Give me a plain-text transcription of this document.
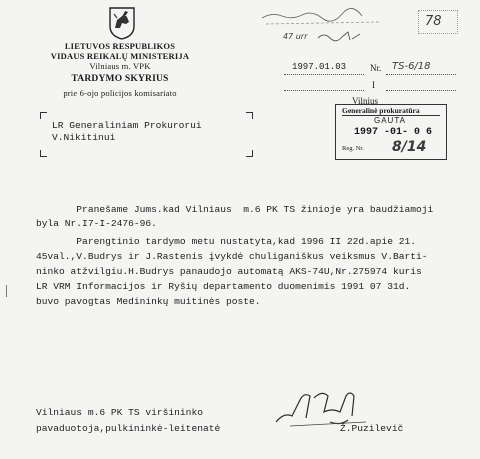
LIETUVOS RESPUBLIKOS
VIDAUS REIKALŲ MINISTERIJA
Vilniaus m. VPK
TARDYMO SKYRIUS
prie 6-ojo policijos komisariato
47 urr
78
1997.01.03	Nr. TS-6/18
I
Vilnius
Generalinė prokuratūra
GAUTA
1997 -01- 0 6
Reg. Nr. 8/14
LR Generaliniam Prokurorui
V.Nikitinui
Pranešame Jums.kad Vilniaus  m.6 PK TS žinioje yra baudžiamoji
byla Nr.I7-I-2476-96.
Parengtinio tardymo metu nustatyta,kad 1996 II 22d.apie 21.
45val.,V.Budrys ir J.Rastenis įvykdė chuliganiškus veiksmus V.Barti-
ninko atžvilgiu.H.Budrys panaudojo automatą AKS-74U,Nr.275974 kuris
LR VRM Informacijos ir Ryšių departamento duomenimis 1991 07 31d.
buvo pavogtas Medininkų muitinės poste.
Vilniaus m.6 PK TS viršininko
pavaduotoja,pulkininkė-leitenatė	Ž.Puzilevič
